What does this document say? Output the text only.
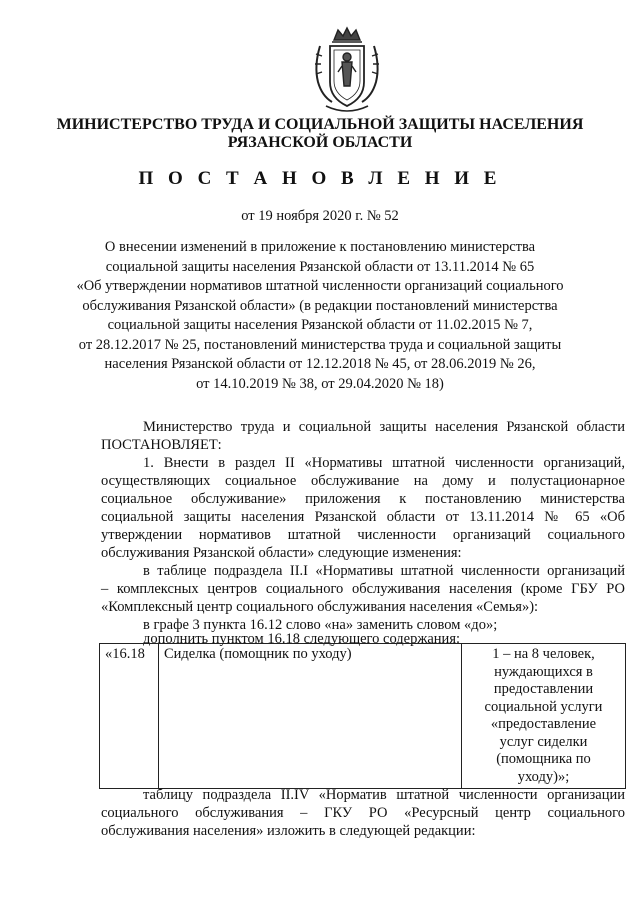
МИНИСТЕРСТВО ТРУДА И СОЦИАЛЬНОЙ ЗАЩИТЫ НАСЕЛЕНИЯ
РЯЗАНСКОЙ ОБЛАСТИ
П О С Т А Н О В Л Е Н И Е
от 19 ноября 2020 г. № 52
О внесении изменений в приложение к постановлению министерства
социальной защиты населения Рязанской области от 13.11.2014 № 65
«Об утверждении нормативов штатной численности организаций социального
обслуживания Рязанской области» (в редакции постановлений министерства
социальной защиты населения Рязанской области от 11.02.2015 № 7,
от 28.12.2017 № 25, постановлений министерства труда и социальной защиты
населения Рязанской области от 12.12.2018 № 45, от 28.06.2019 № 26,
от 14.10.2019 № 38, от 29.04.2020 № 18)
Министерство труда и социальной защиты населения Рязанской области
ПОСТАНОВЛЯЕТ:
1. Внести в раздел II «Нормативы штатной численности организаций,
осуществляющих социальное обслуживание на дому и полустационарное
социальное обслуживание» приложения к постановлению министерства
социальной защиты населения Рязанской области от 13.11.2014 № 65 «Об
утверждении нормативов штатной численности организаций социального
обслуживания Рязанской области» следующие изменения:
в таблице подраздела II.I «Нормативы штатной численности организаций
– комплексных центров социального обслуживания населения (кроме ГБУ РО
«Комплексный центр социального обслуживания населения «Семья»):
в графе 3 пункта 16.12 слово «на» заменить словом «до»;
дополнить пунктом 16.18 следующего содержания:
«16.18	Сиделка (помощник по уходу)	1 – на 8 человек,
нуждающихся в
предоставлении
социальной услуги
«предоставление
услуг сиделки
(помощника по
уходу)»;
таблицу подраздела II.IV «Норматив штатной численности организации
социального обслуживания – ГКУ РО «Ресурсный центр социального
обслуживания населения» изложить в следующей редакции:
